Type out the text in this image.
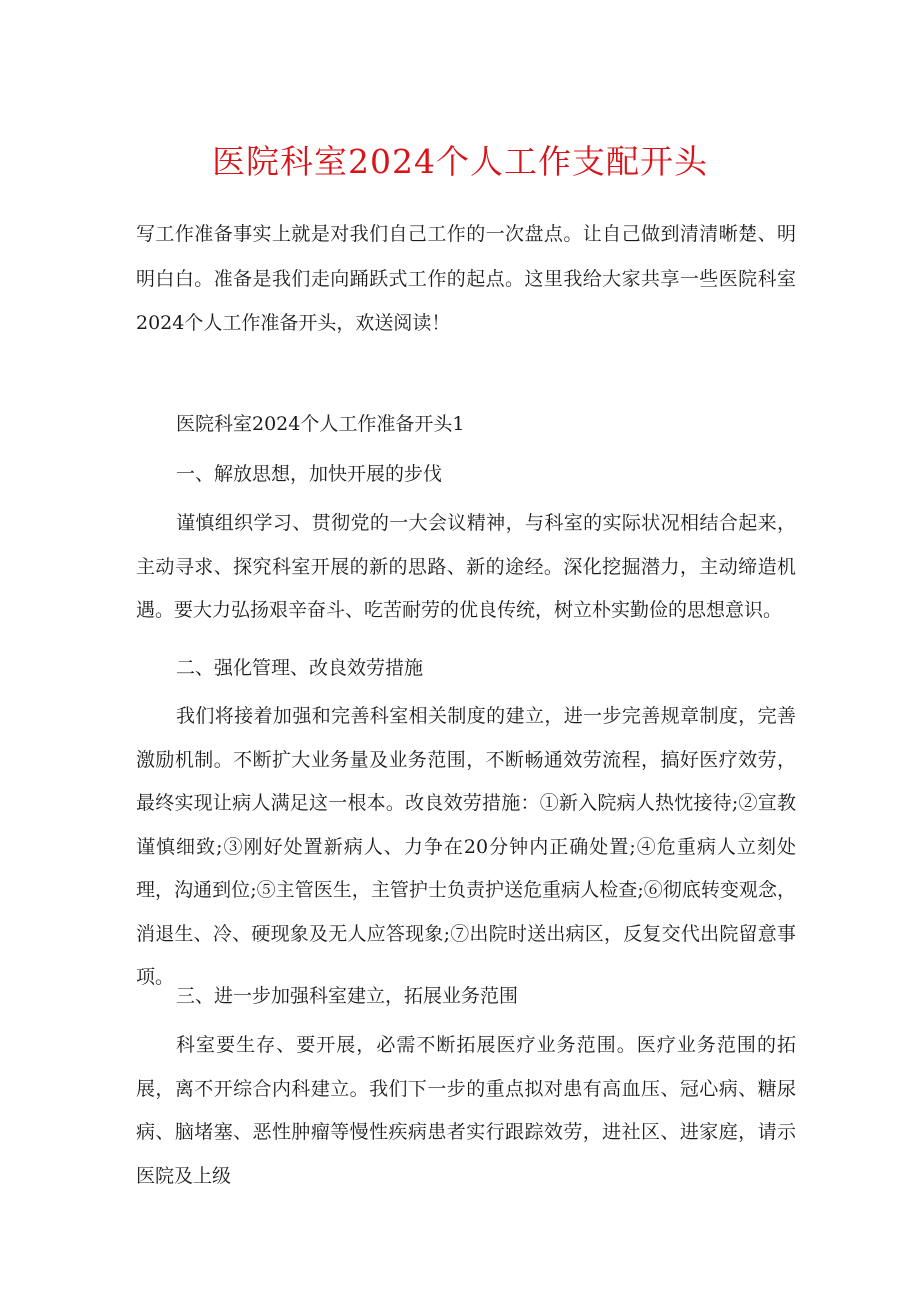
医院科室2024个人工作支配开头

写工作准备事实上就是对我们自己工作的一次盘点。让自己做到清清晰楚、明明白白。准备是我们走向踊跃式工作的起点。这里我给大家共享一些医院科室2024个人工作准备开头，欢送阅读！

医院科室2024个人工作准备开头1

一、解放思想，加快开展的步伐

谨慎组织学习、贯彻党的一大会议精神，与科室的实际状况相结合起来，主动寻求、探究科室开展的新的思路、新的途经。深化挖掘潜力，主动缔造机遇。要大力弘扬艰辛奋斗、吃苦耐劳的优良传统，树立朴实勤俭的思想意识。

二、强化管理、改良效劳措施

我们将接着加强和完善科室相关制度的建立，进一步完善规章制度，完善激励机制。不断扩大业务量及业务范围，不断畅通效劳流程，搞好医疗效劳，最终实现让病人满足这一根本。改良效劳措施：①新入院病人热忱接待;②宣教谨慎细致;③刚好处置新病人、力争在20分钟内正确处置;④危重病人立刻处理，沟通到位;⑤主管医生，主管护士负责护送危重病人检查;⑥彻底转变观念，消退生、冷、硬现象及无人应答现象;⑦出院时送出病区，反复交代出院留意事项。

三、进一步加强科室建立，拓展业务范围

科室要生存、要开展，必需不断拓展医疗业务范围。医疗业务范围的拓展，离不开综合内科建立。我们下一步的重点拟对患有高血压、冠心病、糖尿病、脑堵塞、恶性肿瘤等慢性疾病患者实行跟踪效劳，进社区、进家庭，请示医院及上级
